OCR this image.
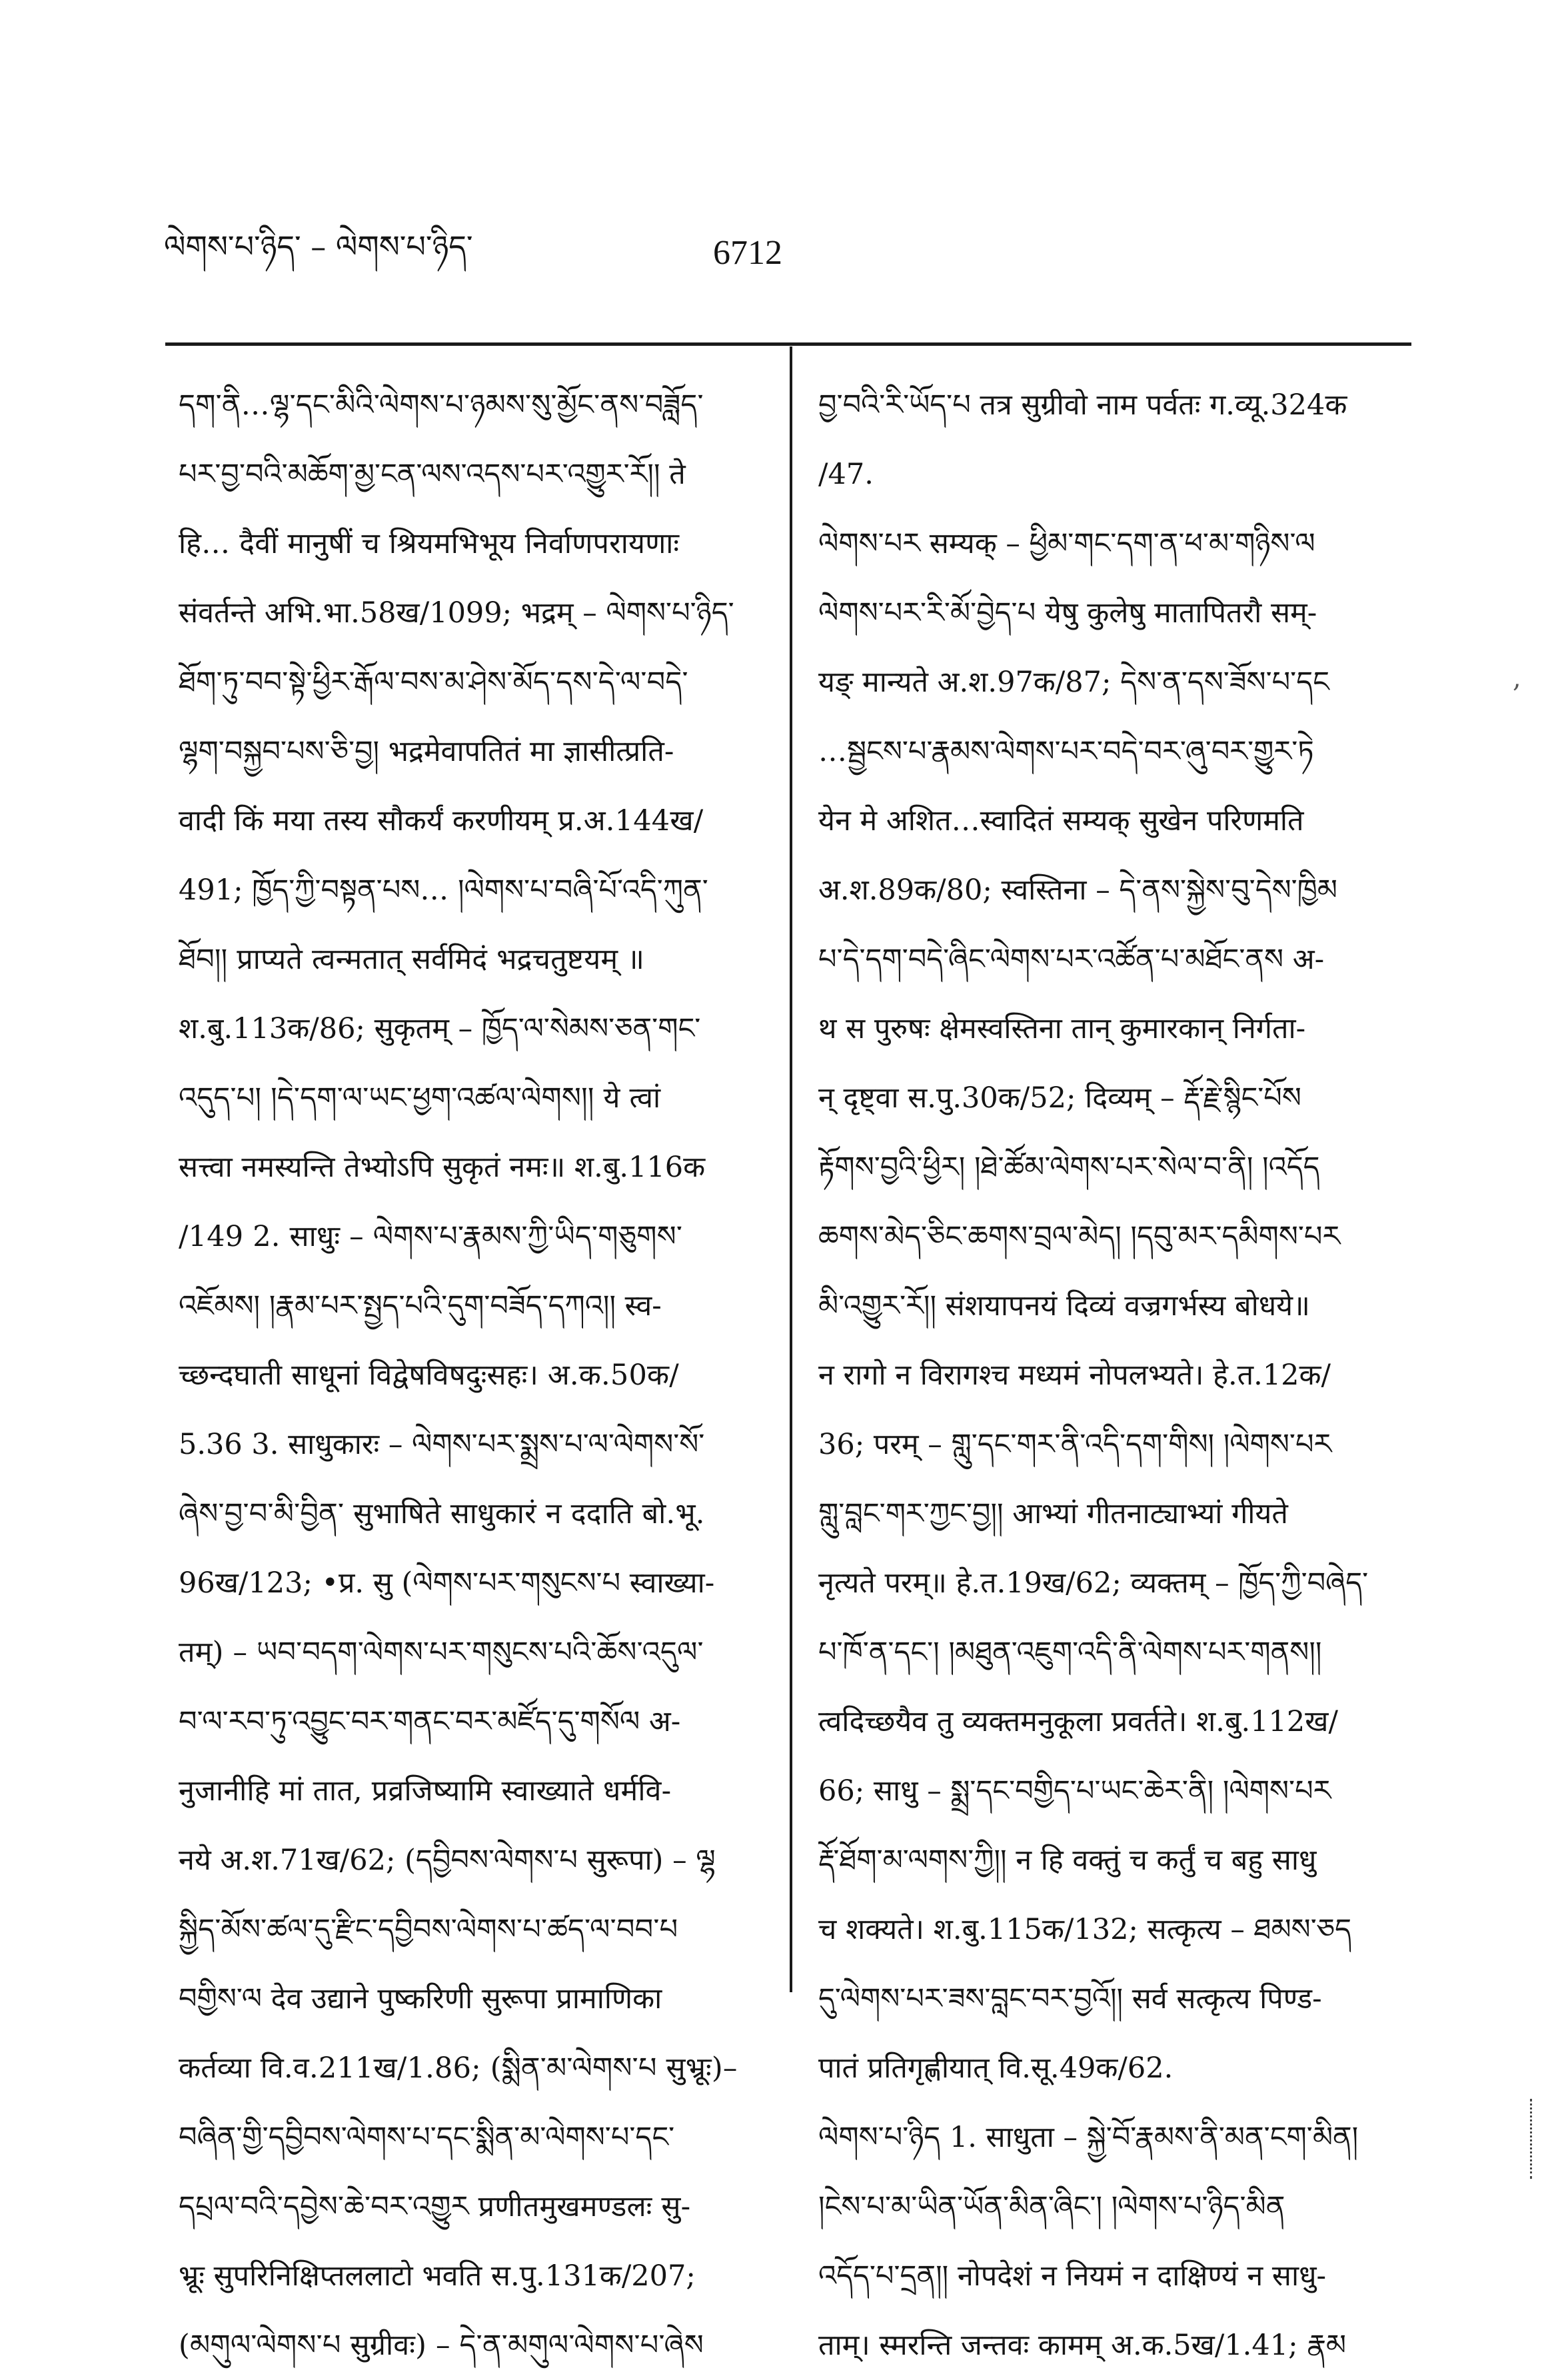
ལེགས་པ་ཉིད་ – ལེགས་པ་ཉིད་	6712
དག་ནི…ལྷ་དང་མིའི་ལེགས་པ་ཉམས་སུ་མྱོང་ནས་བཟློད་
པར་བྱ་བའི་མཆོག་མྱ་ངན་ལས་འདས་པར་འགྱུར་རོ།། ते
हि… दैवीं मानुषीं च श्रियमभिभूय निर्वाणपरायणाः
संवर्तन्ते अभि.भा.58ख/1099; भद्रम् – ལེགས་པ་ཉིད་
ཐོག་ཏུ་བབ་སྟེ་ཕྱིར་རྒོལ་བས་མ་ཤེས་མོད་དས་དེ་ལ་བདེ་
ལྷག་བསྐྱབ་པས་ཅི་བྱ། भद्रमेवापतितं मा ज्ञासीत्प्रति-
वादी किं मया तस्य सौकर्यं करणीयम् प्र.अ.144ख/
491; ཁྱོད་ཀྱི་བསྟན་པས… །ལེགས་པ་བཞི་པོ་འདི་ཀུན་
ཐོབ།། प्राप्यते त्वन्मतात् सर्वमिदं भद्रचतुष्टयम् ॥
श.बु.113क/86; सुकृतम् – ཁྱོད་ལ་སེམས་ཅན་གང་
འདུད་པ། །དེ་དག་ལ་ཡང་ཕྱག་འཚལ་ལེགས།། ये त्वां
सत्त्वा नमस्यन्ति तेभ्योऽपि सुकृतं नमः॥ श.बु.116क
/149 2. साधुः – ལེགས་པ་རྣམས་ཀྱི་ཡིད་གཅུགས་
འཇོམས། །རྣམ་པར་སྤྱད་པའི་དུག་བཟོད་དཀའ།། स्व-
च्छन्दघाती साधूनां विद्वेषविषदुःसहः। अ.क.50क/
5.36 3. साधुकारः – ལེགས་པར་སྨྲས་པ་ལ་ལེགས་སོ་
ཞེས་བྱ་བ་མི་བྱིན་ सुभाषिते साधुकारं न ददाति बो.भू.
96ख/123; •प्र. सु (ལེགས་པར་གསུངས་པ स्वाख्या-
तम्) – ཡབ་བདག་ལེགས་པར་གསུངས་པའི་ཆོས་འདུལ་
བ་ལ་རབ་ཏུ་འབྱུང་བར་གནང་བར་མཛོད་དུ་གསོལ अ-
नुजानीहि मां तात, प्रव्रजिष्यामि स्वाख्याते धर्मवि-
नये अ.श.71ख/62; (དབྱིབས་ལེགས་པ सुरूपा) – ལྷ
སྐྱིད་མོས་ཚལ་དུ་རྫིང་དབྱིབས་ལེགས་པ་ཚད་ལ་བབ་པ
བགྱིས་ལ देव उद्याने पुष्करिणी सुरूपा प्रामाणिका
कर्तव्या वि.व.211ख/1.86; (སྨིན་མ་ལེགས་པ सुभ्रूः)–
བཞིན་གྱི་དབྱིབས་ལེགས་པ་དང་སྨིན་མ་ལེགས་པ་དང་
དཔྲལ་བའི་དབྱེས་ཆེ་བར་འགྱུར प्रणीतमुखमण्डलः सु-
भ्रूः सुपरिनिक्षिप्तललाटो भवति स.पु.131क/207;
(མགུལ་ལེགས་པ सुग्रीवः) – དེ་ན་མགུལ་ལེགས་པ་ཞེས
བྱ་བའི་རི་ཡོད་པ तत्र सुग्रीवो नाम पर्वतः ग.व्यू.324क
/47.
ལེགས་པར सम्यक् – ཕྱིམ་གང་དག་ན་ཕ་མ་གཉིས་ལ
ལེགས་པར་རི་མོ་བྱེད་པ येषु कुलेषु मातापितरौ सम्-
यङ् मान्यते अ.श.97क/87; དེས་ན་དས་ཟོས་པ་དང
…སྦྱངས་པ་རྣམས་ལེགས་པར་བདེ་བར་ཞུ་བར་གྱུར་ཏེ
येन मे अशित…स्वादितं सम्यक् सुखेन परिणमति
अ.श.89क/80; स्वस्तिना – དེ་ནས་སྐྱེས་བུ་དེས་ཁྱིམ
པ་དེ་དག་བདེ་ཞིང་ལེགས་པར་འཚོན་པ་མཐོང་ནས अ-
थ स पुरुषः क्षेमस्वस्तिना तान् कुमारकान् निर्गता-
न् दृष्ट्वा स.पु.30क/52; दिव्यम् – རྡོ་རྗེ་སྙིང་པོས
རྟོགས་བྱའི་ཕྱིར། །ཐེ་ཚོམ་ལེགས་པར་སེལ་བ་ནི། །འདོད
ཆགས་མེད་ཅིང་ཆགས་བྲལ་མེད། །དབུ་མར་དམིགས་པར
མི་འགྱུར་རོ།། संशयापनयं दिव्यं वज्रगर्भस्य बोधये॥
न रागो न विरागश्च मध्यमं नोपलभ्यते। हे.त.12क/
36; परम् – གླུ་དང་གར་ནི་འདི་དག་གིས། །ལེགས་པར
གླུ་བླང་གར་ཀྱང་བྱ།། आभ्यां गीतनाट्याभ्यां गीयते
नृत्यते परम्॥ हे.त.19ख/62; व्यक्तम् – ཁྱོད་ཀྱི་བཞེད་
པ་ཁོ་ན་དང་། །མཐུན་འཇུག་འདི་ནི་ལེགས་པར་གནས།།
त्वदिच्छयैव तु व्यक्तमनुकूला प्रवर्तते। श.बु.112ख/
66; साधु – སྨྲ་དང་བགྱིད་པ་ཡང་ཆེར་ནི། །ལེགས་པར
རྡོ་ཐོག་མ་ལགས་ཀྱི།། न हि वक्तुं च कर्तुं च बहु साधु
च शक्यते। श.बु.115क/132; सत्कृत्य – ཐམས་ཅད
དུ་ལེགས་པར་ཟས་བླང་བར་བྱའོ།། सर्व सत्कृत्य पिण्ड-
पातं प्रतिगृह्णीयात् वि.सू.49क/62.
ལེགས་པ་ཉིད 1. साधुता – སྐྱེ་བོ་རྣམས་ནི་མན་ངག་མིན།
།ངེས་པ་མ་ཡིན་ཡོན་མིན་ཞིང་། །ལེགས་པ་ཉིད་མིན
འདོད་པ་དྲན།། नोपदेशं न नियमं न दाक्षिण्यं न साधु-
ताम्। स्मरन्ति जन्तवः कामम् अ.क.5ख/1.41; རྣམ
,
